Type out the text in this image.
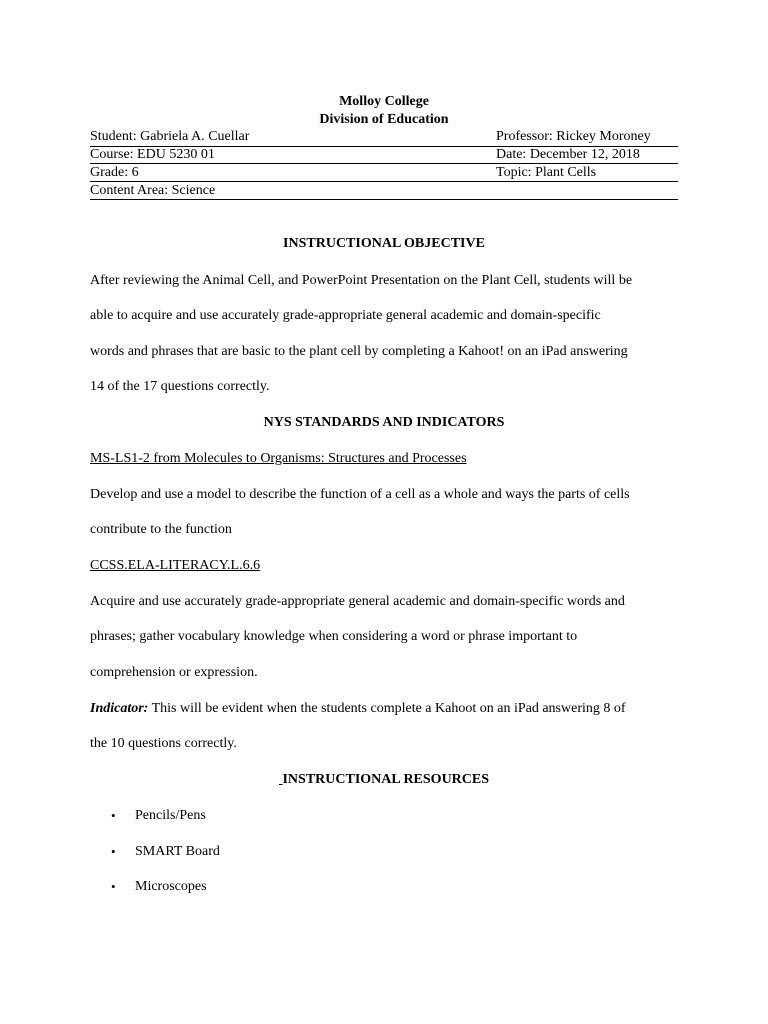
Molloy College
Division of Education
Student: Gabriela A. Cuellar	Professor: Rickey Moroney
Course: EDU 5230 01	Date: December 12, 2018
Grade: 6	Topic: Plant Cells
Content Area: Science
INSTRUCTIONAL OBJECTIVE
After reviewing the Animal Cell, and PowerPoint Presentation on the Plant Cell, students will be
able to acquire and use accurately grade-appropriate general academic and domain-specific
words and phrases that are basic to the plant cell by completing a Kahoot! on an iPad answering
14 of the 17 questions correctly.
NYS STANDARDS AND INDICATORS
MS-LS1-2 from Molecules to Organisms: Structures and Processes
Develop and use a model to describe the function of a cell as a whole and ways the parts of cells
contribute to the function
CCSS.ELA-LITERACY.L.6.6
Acquire and use accurately grade-appropriate general academic and domain-specific words and
phrases; gather vocabulary knowledge when considering a word or phrase important to
comprehension or expression.
Indicator: This will be evident when the students complete a Kahoot on an iPad answering 8 of
the 10 questions correctly.
INSTRUCTIONAL RESOURCES
• Pencils/Pens
• SMART Board
• Microscopes
